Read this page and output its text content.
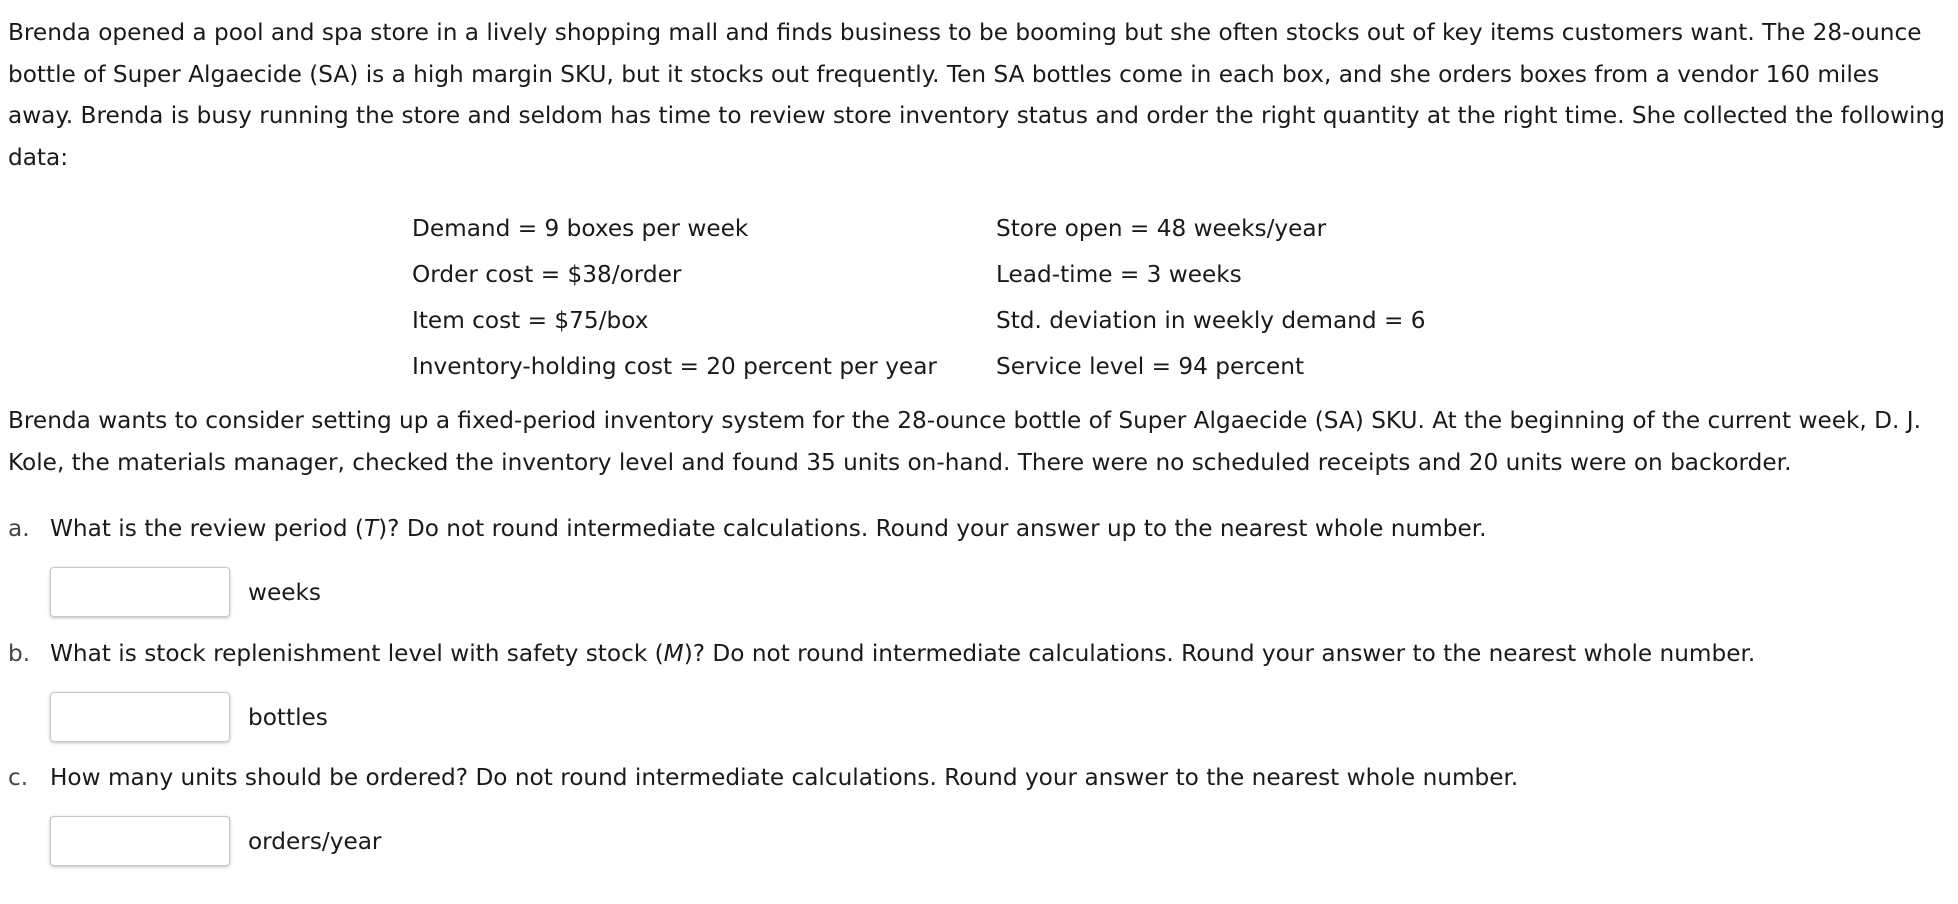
Brenda opened a pool and spa store in a lively shopping mall and finds business to be booming but she often stocks out of key items customers want. The 28-ounce bottle of Super Algaecide (SA) is a high margin SKU, but it stocks out frequently. Ten SA bottles come in each box, and she orders boxes from a vendor 160 miles away. Brenda is busy running the store and seldom has time to review store inventory status and order the right quantity at the right time. She collected the following data:

Demand = 9 boxes per week	Store open = 48 weeks/year
Order cost = $38/order	Lead-time = 3 weeks
Item cost = $75/box	Std. deviation in weekly demand = 6
Inventory-holding cost = 20 percent per year	Service level = 94 percent

Brenda wants to consider setting up a fixed-period inventory system for the 28-ounce bottle of Super Algaecide (SA) SKU. At the beginning of the current week, D. J. Kole, the materials manager, checked the inventory level and found 35 units on-hand. There were no scheduled receipts and 20 units were on backorder.

a. What is the review period (T)? Do not round intermediate calculations. Round your answer up to the nearest whole number.
weeks
b. What is stock replenishment level with safety stock (M)? Do not round intermediate calculations. Round your answer to the nearest whole number.
bottles
c. How many units should be ordered? Do not round intermediate calculations. Round your answer to the nearest whole number.
orders/year
